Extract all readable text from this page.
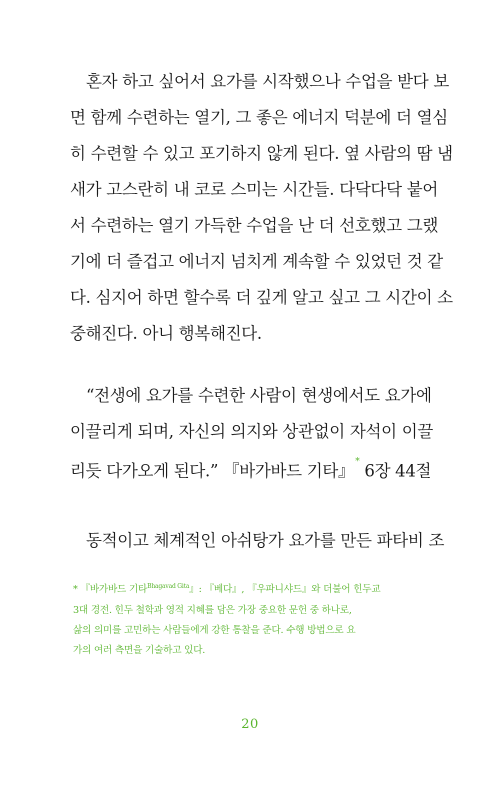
혼자 하고 싶어서 요가를 시작했으나 수업을 받다 보
면 함께 수련하는 열기, 그 좋은 에너지 덕분에 더 열심
히 수련할 수 있고 포기하지 않게 된다. 옆 사람의 땀 냄
새가 고스란히 내 코로 스미는 시간들. 다닥다닥 붙어
서 수련하는 열기 가득한 수업을 난 더 선호했고 그랬
기에 더 즐겁고 에너지 넘치게 계속할 수 있었던 것 같
다. 심지어 하면 할수록 더 깊게 알고 싶고 그 시간이 소
중해진다. 아니 행복해진다.

“전생에 요가를 수련한 사람이 현생에서도 요가에
이끌리게 되며, 자신의 의지와 상관없이 자석이 이끌
리듯 다가오게 된다.” 『바가바드 기타』* 6장 44절

동적이고 체계적인 아쉬탕가 요가를 만든 파타비 조

* 『바가바드 기타$^{Bhagavad Gita}$』: 『베다』, 『우파니샤드』와 더불어 힌두교
3대 경전. 힌두 철학과 영적 지혜를 담은 가장 중요한 문헌 중 하나로,
삶의 의미를 고민하는 사람들에게 강한 통찰을 준다. 수행 방법으로 요
가의 여러 측면을 기술하고 있다.
20
